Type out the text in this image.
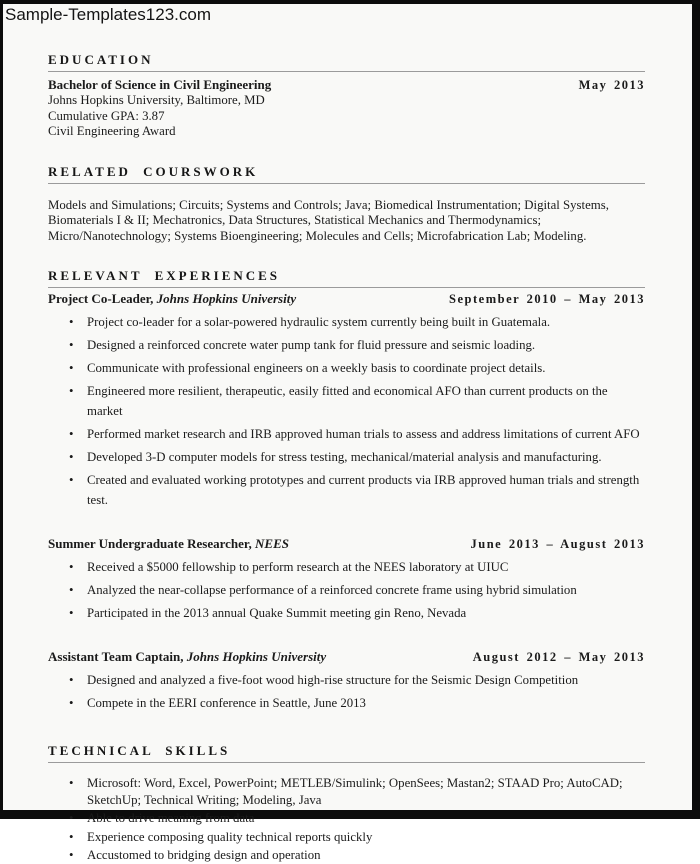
Sample-Templates123.com
EDUCATION
Bachelor of Science in Civil Engineering	May 2013
Johns Hopkins University, Baltimore, MD
Cumulative GPA: 3.87
Civil Engineering Award
RELATED COURSWORK

Models and Simulations; Circuits; Systems and Controls; Java; Biomedical Instrumentation; Digital Systems, Biomaterials I & II; Mechatronics, Data Structures, Statistical Mechanics and Thermodynamics; Micro/Nanotechnology; Systems Bioengineering; Molecules and Cells; Microfabrication Lab; Modeling.

RELEVANT EXPERIENCES
Project Co-Leader, Johns Hopkins University	September 2010 – May 2013
•	Project co-leader for a solar-powered hydraulic system currently being built in Guatemala.
•	Designed a reinforced concrete water pump tank for fluid pressure and seismic loading.
•	Communicate with professional engineers on a weekly basis to coordinate project details.
•	Engineered more resilient, therapeutic, easily fitted and economical AFO than current products on the market
•	Performed market research and IRB approved human trials to assess and address limitations of current AFO
•	Developed 3-D computer models for stress testing, mechanical/material analysis and manufacturing.
•	Created and evaluated working prototypes and current products via IRB approved human trials and strength test.
Summer Undergraduate Researcher, NEES	June 2013 – August 2013
•	Received a $5000 fellowship to perform research at the NEES laboratory at UIUC
•	Analyzed the near-collapse performance of a reinforced concrete frame using hybrid simulation
•	Participated in the 2013 annual Quake Summit meeting gin Reno, Nevada
Assistant Team Captain, Johns Hopkins University	August 2012 – May 2013
•	Designed and analyzed a five-foot wood high-rise structure for the Seismic Design Competition
•	Compete in the EERI conference in Seattle, June 2013
TECHNICAL SKILLS
•	Microsoft: Word, Excel, PowerPoint; METLEB/Simulink; OpenSees; Mastan2; STAAD Pro; AutoCAD; SketchUp; Technical Writing; Modeling, Java
•	Able to drive meaning from data
•	Experience composing quality technical reports quickly
•	Accustomed to bridging design and operation
